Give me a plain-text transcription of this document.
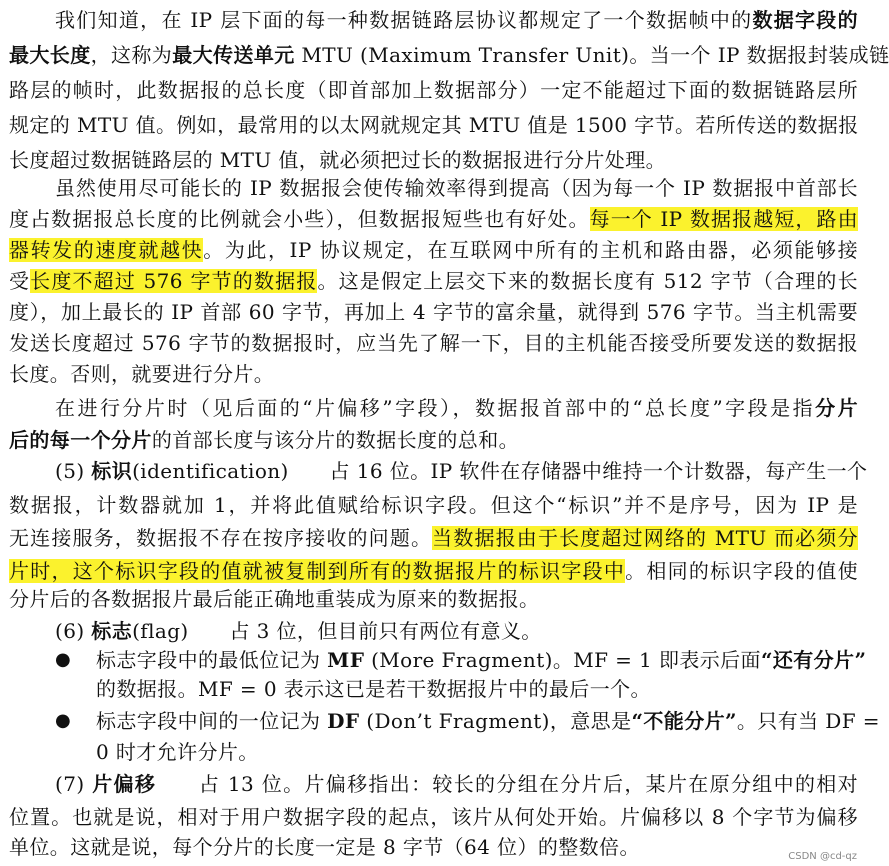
我们知道，在 IP 层下面的每一种数据链路层协议都规定了一个数据帧中的数据字段的
最大长度，这称为最大传送单元 MTU (Maximum Transfer Unit)。当一个 IP 数据报封装成链
路层的帧时，此数据报的总长度（即首部加上数据部分）一定不能超过下面的数据链路层所
规定的 MTU 值。例如，最常用的以太网就规定其 MTU 值是 1500 字节。若所传送的数据报
长度超过数据链路层的 MTU 值，就必须把过长的数据报进行分片处理。
虽然使用尽可能长的 IP 数据报会使传输效率得到提高（因为每一个 IP 数据报中首部长
度占数据报总长度的比例就会小些），但数据报短些也有好处。每一个 IP 数据报越短，路由
器转发的速度就越快。为此，IP 协议规定，在互联网中所有的主机和路由器，必须能够接
受长度不超过 576 字节的数据报。这是假定上层交下来的数据长度有 512 字节（合理的长
度），加上最长的 IP 首部 60 字节，再加上 4 字节的富余量，就得到 576 字节。当主机需要
发送长度超过 576 字节的数据报时，应当先了解一下，目的主机能否接受所要发送的数据报
长度。否则，就要进行分片。
在进行分片时（见后面的“片偏移”字段），数据报首部中的“总长度”字段是指分片
后的每一个分片的首部长度与该分片的数据长度的总和。
(5) 标识(identification)　　占 16 位。IP 软件在存储器中维持一个计数器，每产生一个
数据报，计数器就加 1，并将此值赋给标识字段。但这个“标识”并不是序号，因为 IP 是
无连接服务，数据报不存在按序接收的问题。当数据报由于长度超过网络的 MTU 而必须分
片时，这个标识字段的值就被复制到所有的数据报片的标识字段中。相同的标识字段的值使
分片后的各数据报片最后能正确地重装成为原来的数据报。
(6) 标志(flag)　　占 3 位，但目前只有两位有意义。
● 标志字段中的最低位记为 MF (More Fragment)。MF = 1 即表示后面“还有分片”
的数据报。MF = 0 表示这已是若干数据报片中的最后一个。
● 标志字段中间的一位记为 DF (Don’t Fragment)，意思是“不能分片”。只有当 DF =
0 时才允许分片。
(7) 片偏移　　占 13 位。片偏移指出：较长的分组在分片后，某片在原分组中的相对
位置。也就是说，相对于用户数据字段的起点，该片从何处开始。片偏移以 8 个字节为偏移
单位。这就是说，每个分片的长度一定是 8 字节（64 位）的整数倍。	CSDN @cd-qz
